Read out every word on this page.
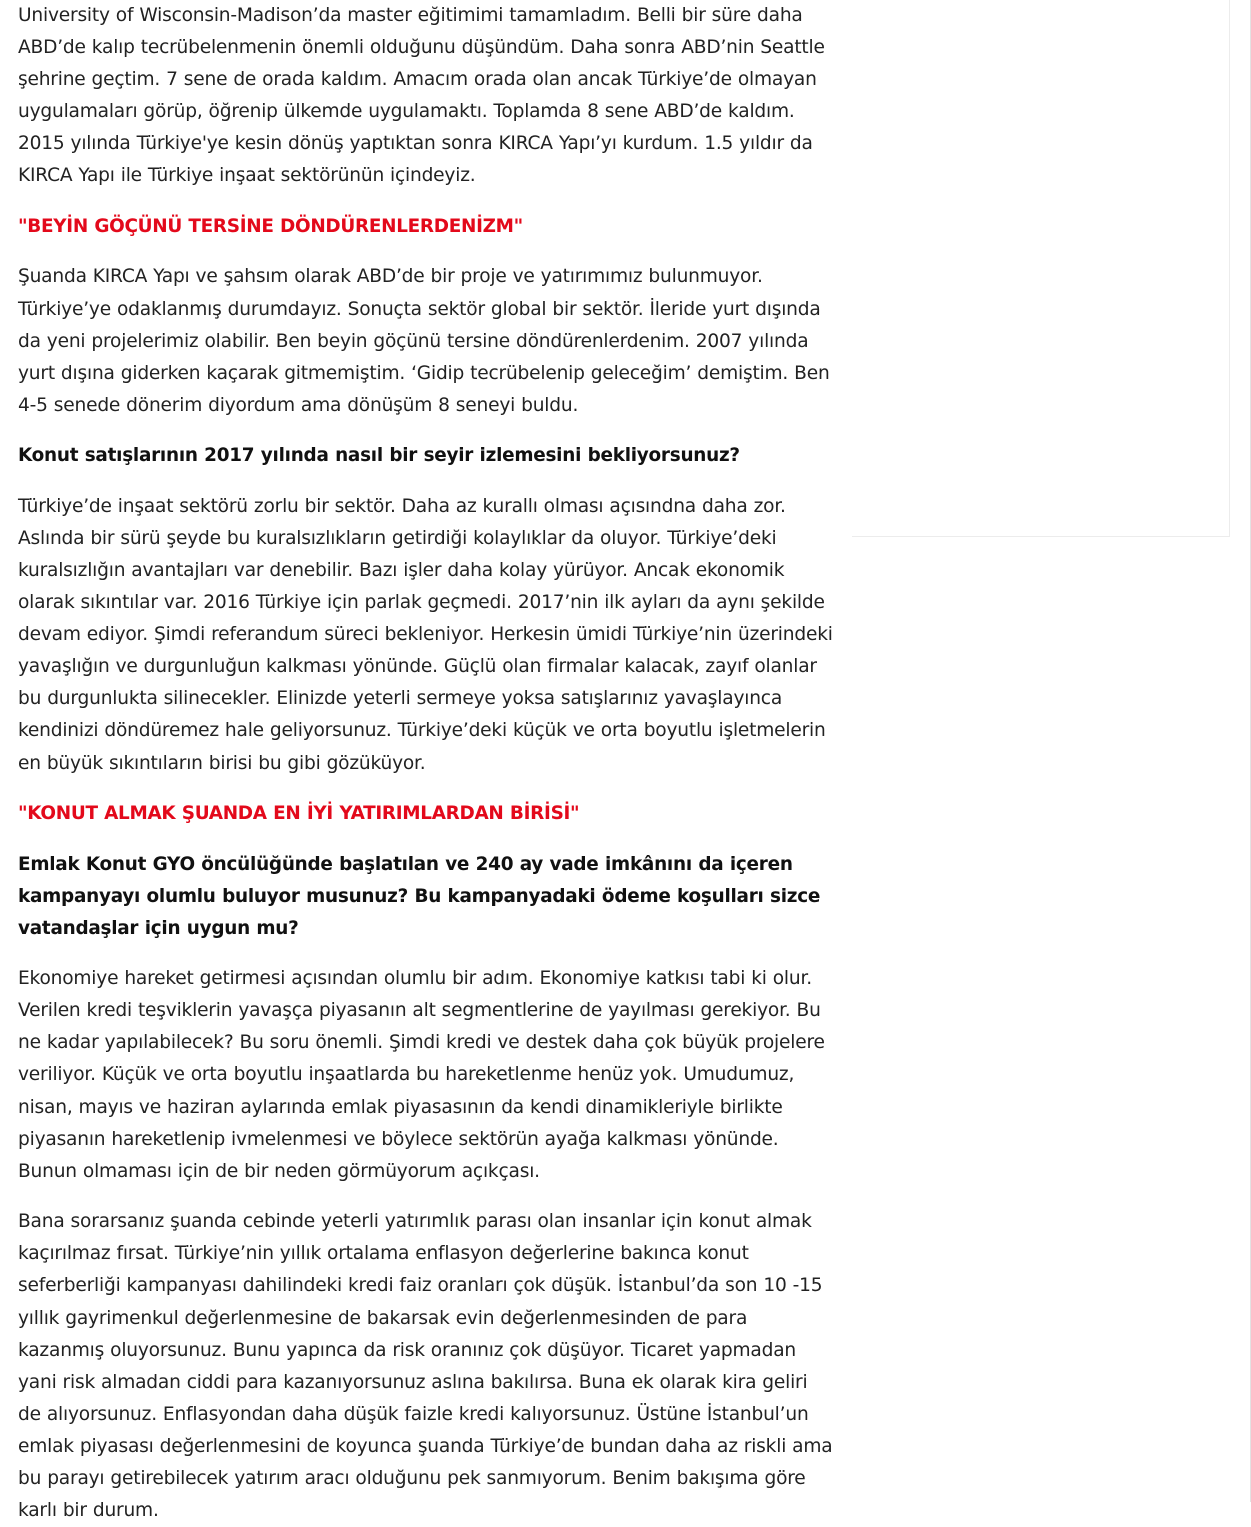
University of Wisconsin-Madison’da master eğitimimi tamamladım. Belli bir süre daha ABD’de kalıp tecrübelenmenin önemli olduğunu düşündüm. Daha sonra ABD’nin Seattle şehrine geçtim. 7 sene de orada kaldım. Amacım orada olan ancak Türkiye’de olmayan uygulamaları görüp, öğrenip ülkemde uygulamaktı. Toplamda 8 sene ABD’de kaldım. 2015 yılında Türkiye'ye kesin dönüş yaptıktan sonra KIRCA Yapı’yı kurdum. 1.5 yıldır da KIRCA Yapı ile Türkiye inşaat sektörünün içindeyiz.

"BEYİN GÖÇÜNÜ TERSİNE DÖNDÜRENLERDENİZM"

Şuanda KIRCA Yapı ve şahsım olarak ABD’de bir proje ve yatırımımız bulunmuyor. Türkiye’ye odaklanmış durumdayız. Sonuçta sektör global bir sektör. İleride yurt dışında da yeni projelerimiz olabilir. Ben beyin göçünü tersine döndürenlerdenim. 2007 yılında yurt dışına giderken kaçarak gitmemiştim. ‘Gidip tecrübelenip geleceğim’ demiştim. Ben 4-5 senede dönerim diyordum ama dönüşüm 8 seneyi buldu.

Konut satışlarının 2017 yılında nasıl bir seyir izlemesini bekliyorsunuz?

Türkiye’de inşaat sektörü zorlu bir sektör. Daha az kurallı olması açısındna daha zor. Aslında bir sürü şeyde bu kuralsızlıkların getirdiği kolaylıklar da oluyor. Türkiye’deki kuralsızlığın avantajları var denebilir. Bazı işler daha kolay yürüyor. Ancak ekonomik olarak sıkıntılar var. 2016 Türkiye için parlak geçmedi. 2017’nin ilk ayları da aynı şekilde devam ediyor. Şimdi referandum süreci bekleniyor. Herkesin ümidi Türkiye’nin üzerindeki yavaşlığın ve durgunluğun kalkması yönünde. Güçlü olan firmalar kalacak, zayıf olanlar bu durgunlukta silinecekler. Elinizde yeterli sermeye yoksa satışlarınız yavaşlayınca kendinizi döndüremez hale geliyorsunuz. Türkiye’deki küçük ve orta boyutlu işletmelerin en büyük sıkıntıların birisi bu gibi gözüküyor.

"KONUT ALMAK ŞUANDA EN İYİ YATIRIMLARDAN BİRİSİ"

Emlak Konut GYO öncülüğünde başlatılan ve 240 ay vade imkânını da içeren kampanyayı olumlu buluyor musunuz? Bu kampanyadaki ödeme koşulları sizce vatandaşlar için uygun mu?

Ekonomiye hareket getirmesi açısından olumlu bir adım. Ekonomiye katkısı tabi ki olur. Verilen kredi teşviklerin yavaşça piyasanın alt segmentlerine de yayılması gerekiyor. Bu ne kadar yapılabilecek? Bu soru önemli. Şimdi kredi ve destek daha çok büyük projelere veriliyor. Küçük ve orta boyutlu inşaatlarda bu hareketlenme henüz yok. Umudumuz, nisan, mayıs ve haziran aylarında emlak piyasasının da kendi dinamikleriyle birlikte piyasanın hareketlenip ivmelenmesi ve böylece sektörün ayağa kalkması yönünde. Bunun olmaması için de bir neden görmüyorum açıkçası.

Bana sorarsanız şuanda cebinde yeterli yatırımlık parası olan insanlar için konut almak kaçırılmaz fırsat. Türkiye’nin yıllık ortalama enflasyon değerlerine bakınca konut seferberliği kampanyası dahilindeki kredi faiz oranları çok düşük. İstanbul’da son 10 -15 yıllık gayrimenkul değerlenmesine de bakarsak evin değerlenmesinden de para kazanmış oluyorsunuz. Bunu yapınca da risk oranınız çok düşüyor. Ticaret yapmadan yani risk almadan ciddi para kazanıyorsunuz aslına bakılırsa. Buna ek olarak kira geliri de alıyorsunuz. Enflasyondan daha düşük faizle kredi kalıyorsunuz. Üstüne İstanbul’un emlak piyasası değerlenmesini de koyunca şuanda Türkiye’de bundan daha az riskli ama bu parayı getirebilecek yatırım aracı olduğunu pek sanmıyorum. Benim bakışıma göre karlı bir durum.
